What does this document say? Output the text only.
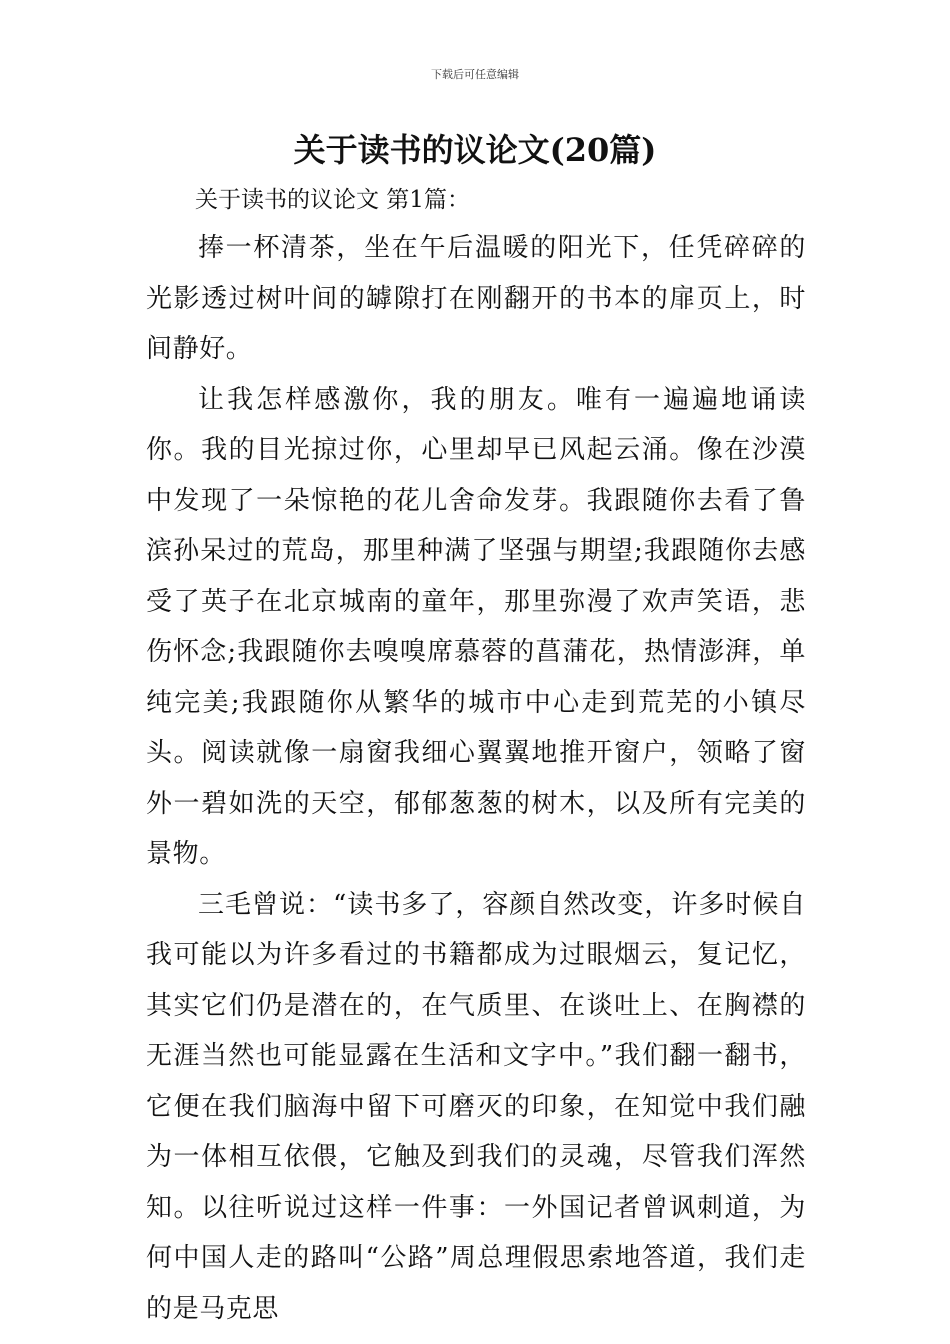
下载后可任意编辑
关于读书的议论文(20篇)
关于读书的议论文 第1篇：

捧一杯清茶，坐在午后温暖的阳光下，任凭碎碎的光影透过树叶间的罅隙打在刚翻开的书本的扉页上，时间静好。

让我怎样感激你，我的朋友。唯有一遍遍地诵读你。我的目光掠过你，心里却早已风起云涌。像在沙漠中发现了一朵惊艳的花儿舍命发芽。我跟随你去看了鲁滨孙呆过的荒岛，那里种满了坚强与期望;我跟随你去感受了英子在北京城南的童年，那里弥漫了欢声笑语，悲伤怀念;我跟随你去嗅嗅席慕蓉的菖蒲花，热情澎湃，单纯完美;我跟随你从繁华的城市中心走到荒芜的小镇尽头。阅读就像一扇窗我细心翼翼地推开窗户，领略了窗外一碧如洗的天空，郁郁葱葱的树木，以及所有完美的景物。

三毛曾说：“读书多了，容颜自然改变，许多时候自我可能以为许多看过的书籍都成为过眼烟云，复记忆，其实它们仍是潜在的，在气质里、在谈吐上、在胸襟的无涯当然也可能显露在生活和文字中。”我们翻一翻书，它便在我们脑海中留下可磨灭的印象，在知觉中我们融为一体相互依偎，它触及到我们的灵魂，尽管我们浑然知。以往听说过这样一件事：一外国记者曾讽刺道，为何中国人走的路叫“公路”周总理假思索地答道，我们走的是马克思
